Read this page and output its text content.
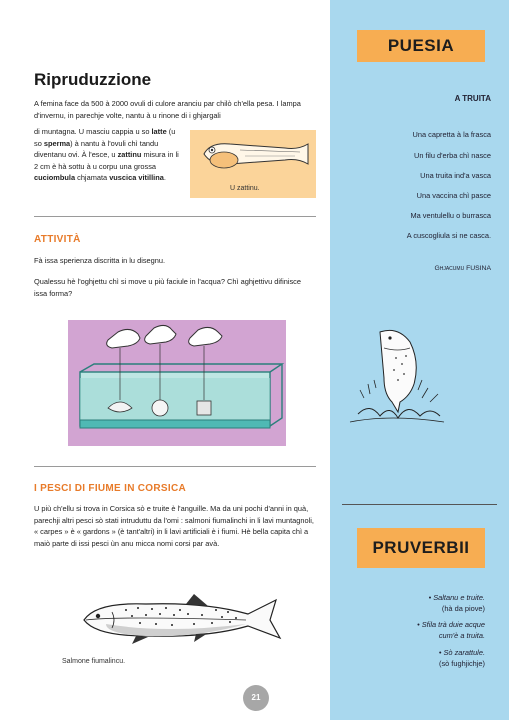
Ripruduzzione
A femina face da 500 à 2000 ovuli di culore aranciu par chilò ch'ella pesa. I lampa d'invernu, in parechje volte, nantu à u rinone di i ghjargali
di muntagna. U masciu cappia u so latte (u so sperma) à nantu à l'ovuli chì tandu diventanu ovi. À l'esce, u zattinu misura in li 2 cm è hà sottu à u corpu una grossa cuciombula chjamata vuscica vitillina.
U zattinu.
ATTIVITÀ
Fà issa sperienza discritta in lu disegnu.
Qualessu hè l'oghjettu chì si move u più faciule in l'acqua? Chì aghjettivu difinisce issa forma?
I PESCI DI FIUME IN CORSICA
U più ch'ellu si trova in Corsica sò e truite è l'anguille. Ma da uni pochi d'anni in quà, parechji altri pesci sò stati intruduttu da l'omi : salmoni fiumalinchi in li lavi muntagnoli, « carpes » è « gardons » (è tant'altri) in li lavi artificiali è i fiumi. Hè bella capita chì a maiò parte di issi pesci ùn anu micca nomi corsi par avà.
Salmone fiumalincu.
21
PUESIA
A TRUITA
Una capretta à la frasca
Un filu d'erba chì nasce
Una truita ind'a vasca
Una vaccina chì pasce
Ma ventulellu o burrasca
A cuscogliula si ne casca.
Ghjacumu FUSINA
PRUVERBII
• Saltanu e truite.
(hà da piove)
• Sfila trà duie acque
cum'è a truita.
• Sò zarattule.
(sò fughjichje)
